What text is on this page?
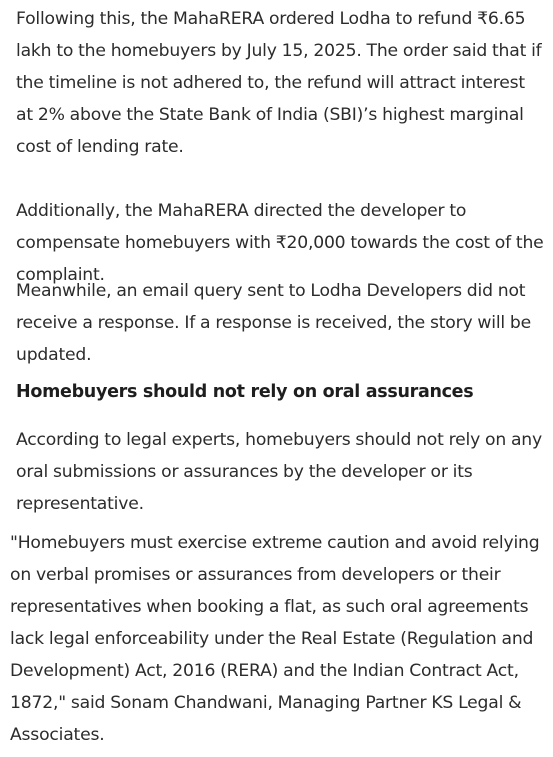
Following this, the MahaRERA ordered Lodha to refund ₹6.65 lakh to the homebuyers by July 15, 2025. The order said that if the timeline is not adhered to, the refund will attract interest at 2% above the State Bank of India (SBI)’s highest marginal cost of lending rate.

Additionally, the MahaRERA directed the developer to compensate homebuyers with ₹20,000 towards the cost of the complaint.

Meanwhile, an email query sent to Lodha Developers did not receive a response. If a response is received, the story will be updated.

Homebuyers should not rely on oral assurances

According to legal experts, homebuyers should not rely on any oral submissions or assurances by the developer or its representative.

"Homebuyers must exercise extreme caution and avoid relying on verbal promises or assurances from developers or their representatives when booking a flat, as such oral agreements lack legal enforceability under the Real Estate (Regulation and Development) Act, 2016 (RERA) and the Indian Contract Act, 1872," said Sonam Chandwani, Managing Partner KS Legal & Associates.
